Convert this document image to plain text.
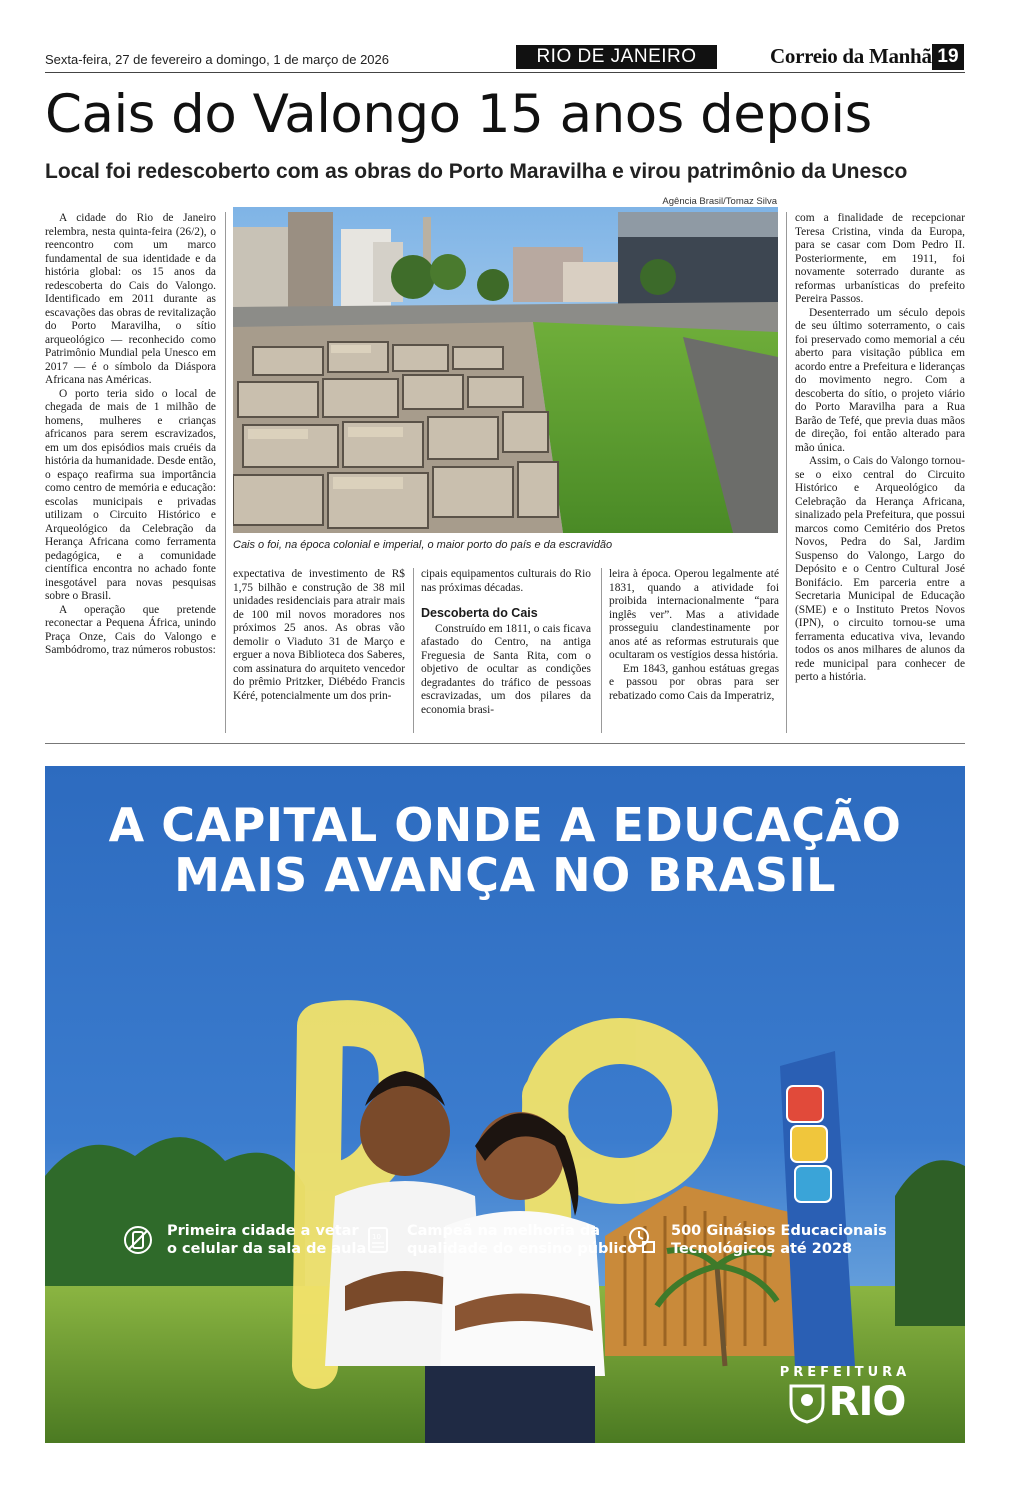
Sexta-feira, 27 de fevereiro a domingo, 1 de março de 2026	RIO DE JANEIRO	Correio da Manhã 19
Cais do Valongo 15 anos depois
Local foi redescoberto com as obras do Porto Maravilha e virou patrimônio da Unesco

A cidade do Rio de Janeiro relembra, nesta quinta-feira (26/2), o reencontro com um marco fundamental de sua identidade e da história global: os 15 anos da redescoberta do Cais do Valongo. Identificado em 2011 durante as escavações das obras de revitalização do Porto Maravilha, o sítio arqueológico — reconhecido como Patrimônio Mundial pela Unesco em 2017 — é o símbolo da Diáspora Africana nas Américas.

O porto teria sido o local de chegada de mais de 1 milhão de homens, mulheres e crianças africanos para serem escravizados, em um dos episódios mais cruéis da história da humanidade. Desde então, o espaço reafirma sua importância como centro de memória e educação: escolas municipais e privadas utilizam o Circuito Histórico e Arqueológico da Celebração da Herança Africana como ferramenta pedagógica, e a comunidade científica encontra no achado fonte inesgotável para novas pesquisas sobre o Brasil.

A operação que pretende reconectar a Pequena África, unindo Praça Onze, Cais do Valongo e Sambódromo, traz números robustos:

Agência Brasil/Tomaz Silva
Cais o foi, na época colonial e imperial, o maior porto do país e da escravidão

expectativa de investimento de R$ 1,75 bilhão e construção de 38 mil unidades residenciais para atrair mais de 100 mil novos moradores nos próximos 25 anos. As obras vão demolir o Viaduto 31 de Março e erguer a nova Biblioteca dos Saberes, com assinatura do arquiteto vencedor do prêmio Pritzker, Diébédo Francis Kéré, potencialmente um dos prin-

cipais equipamentos culturais do Rio nas próximas décadas.

Descoberta do Cais

Construído em 1811, o cais ficava afastado do Centro, na antiga Freguesia de Santa Rita, com o objetivo de ocultar as condições degradantes do tráfico de pessoas escravizadas, um dos pilares da economia brasi-

leira à época. Operou legalmente até 1831, quando a atividade foi proibida internacionalmente “para inglês ver”. Mas a atividade prosseguiu clandestinamente por anos até as reformas estruturais que ocultaram os vestígios dessa história.

Em 1843, ganhou estátuas gregas e passou por obras para ser rebatizado como Cais da Imperatriz,

com a finalidade de recepcionar Teresa Cristina, vinda da Europa, para se casar com Dom Pedro II. Posteriormente, em 1911, foi novamente soterrado durante as reformas urbanísticas do prefeito Pereira Passos.

Desenterrado um século depois de seu último soterramento, o cais foi preservado como memorial a céu aberto para visitação pública em acordo entre a Prefeitura e lideranças do movimento negro. Com a descoberta do sítio, o projeto viário do Porto Maravilha para a Rua Barão de Tefé, que previa duas mãos de direção, foi então alterado para mão única.

Assim, o Cais do Valongo tornou-se o eixo central do Circuito Histórico e Arqueológico da Celebração da Herança Africana, sinalizado pela Prefeitura, que possui marcos como Cemitério dos Pretos Novos, Pedra do Sal, Jardim Suspenso do Valongo, Largo do Depósito e o Centro Cultural José Bonifácio. Em parceria entre a Secretaria Municipal de Educação (SME) e o Instituto Pretos Novos (IPN), o circuito tornou-se uma ferramenta educativa viva, levando todos os anos milhares de alunos da rede municipal para conhecer de perto a história.

A CAPITAL ONDE A EDUCAÇÃO
MAIS AVANÇA NO BRASIL
Primeira cidade a vetar
o celular da sala de aula
10 Campeã na melhoria da
qualidade do ensino público
500 Ginásios Educacionais
Tecnológicos até 2028
PREFEITURA
RIO
